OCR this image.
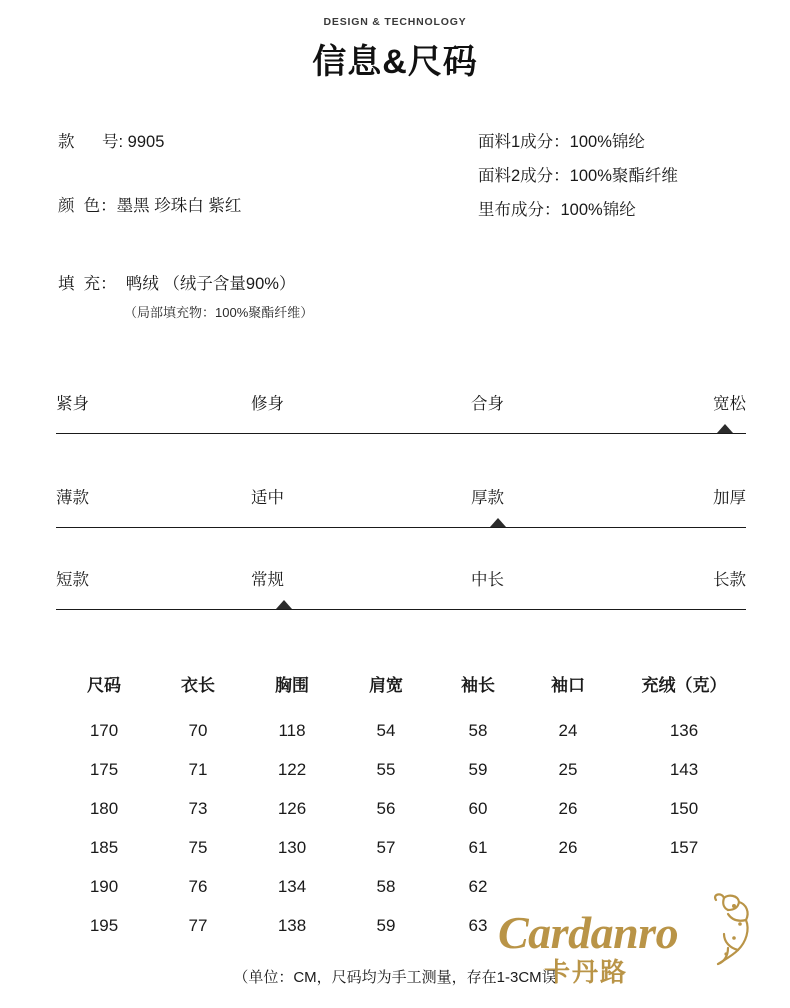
DESIGN & TECHNOLOGY
信息&尺码
款      号: 9905
颜  色：墨黑 珍珠白 紫红
填  充：  鸭绒 （绒子含量90%）
（局部填充物：100%聚酯纤维）
面料1成分：100%锦纶
面料2成分：100%聚酯纤维
里布成分：100%锦纶
紧身	修身	合身	宽松
薄款	适中	厚款	加厚
短款	常规	中长	长款
尺码	衣长	胸围	肩宽	袖长	袖口	充绒（克）
170	70	118	54	58	24	136
175	71	122	55	59	25	143
180	73	126	56	60	26	150
185	75	130	57	61	26	157
190	76	134	58	62		
195	77	138	59	63		
（单位：CM，尺码均为手工测量，存在1-3CM误
Cardanro
卡丹路
